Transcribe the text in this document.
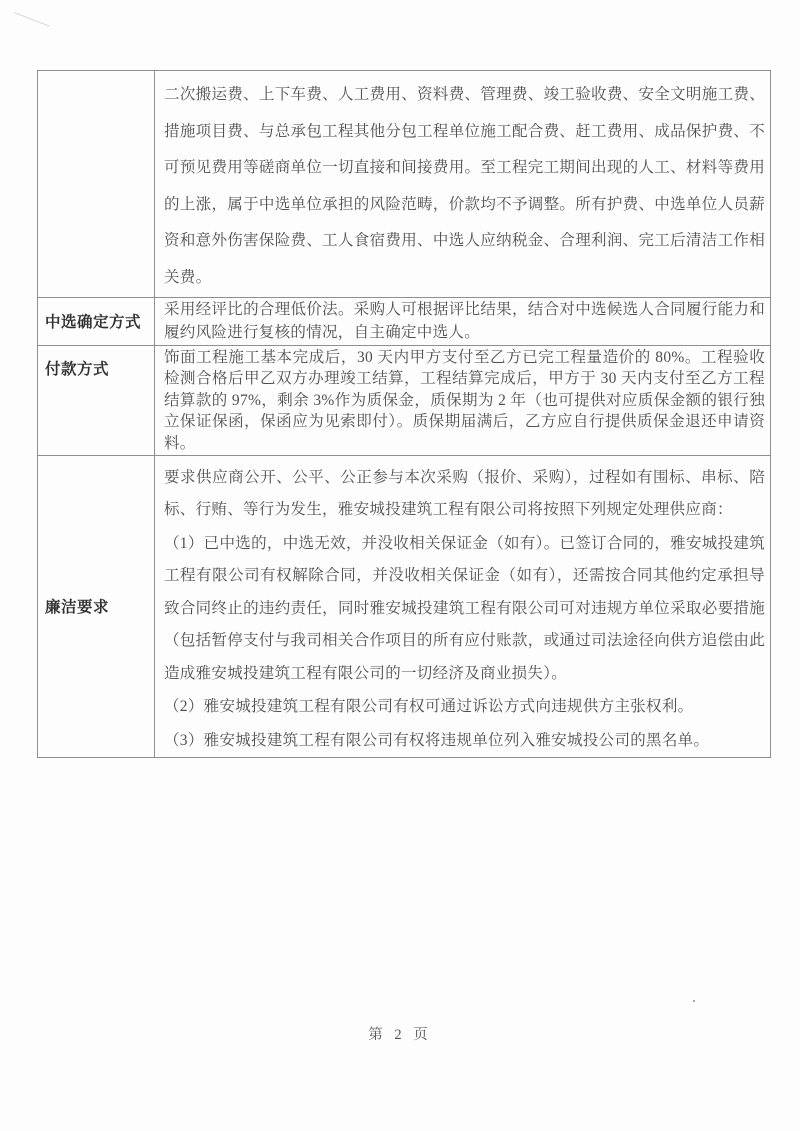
	二次搬运费、上下车费、人工费用、资料费、管理费、竣工验收费、安全文明施工费、措施项目费、与总承包工程其他分包工程单位施工配合费、赶工费用、成品保护费、不可预见费用等磋商单位一切直接和间接费用。至工程完工期间出现的人工、材料等费用的上涨，属于中选单位承担的风险范畴，价款均不予调整。所有护费、中选单位人员薪资和意外伤害保险费、工人食宿费用、中选人应纳税金、合理利润、完工后清洁工作相关费。

中选确定方式	采用经评比的合理低价法。采购人可根据评比结果，结合对中选候选人合同履行能力和履约风险进行复核的情况，自主确定中选人。

付款方式	饰面工程施工基本完成后，30 天内甲方支付至乙方已完工程量造价的 80%。工程验收检测合格后甲乙双方办理竣工结算，工程结算完成后，甲方于 30 天内支付至乙方工程结算款的 97%，剩余 3%作为质保金，质保期为 2 年（也可提供对应质保金额的银行独立保证保函，保函应为见索即付）。质保期届满后，乙方应自行提供质保金退还申请资料。

廉洁要求	要求供应商公开、公平、公正参与本次采购（报价、采购），过程如有围标、串标、陪标、行贿、等行为发生，雅安城投建筑工程有限公司将按照下列规定处理供应商：

（1）已中选的，中选无效，并没收相关保证金（如有）。已签订合同的，雅安城投建筑工程有限公司有权解除合同，并没收相关保证金（如有），还需按合同其他约定承担导致合同终止的违约责任，同时雅安城投建筑工程有限公司可对违规方单位采取必要措施（包括暂停支付与我司相关合作项目的所有应付账款，或通过司法途径向供方追偿由此造成雅安城投建筑工程有限公司的一切经济及商业损失）。

（2）雅安城投建筑工程有限公司有权可通过诉讼方式向违规供方主张权利。

（3）雅安城投建筑工程有限公司有权将违规单位列入雅安城投公司的黑名单。

第 2 页
